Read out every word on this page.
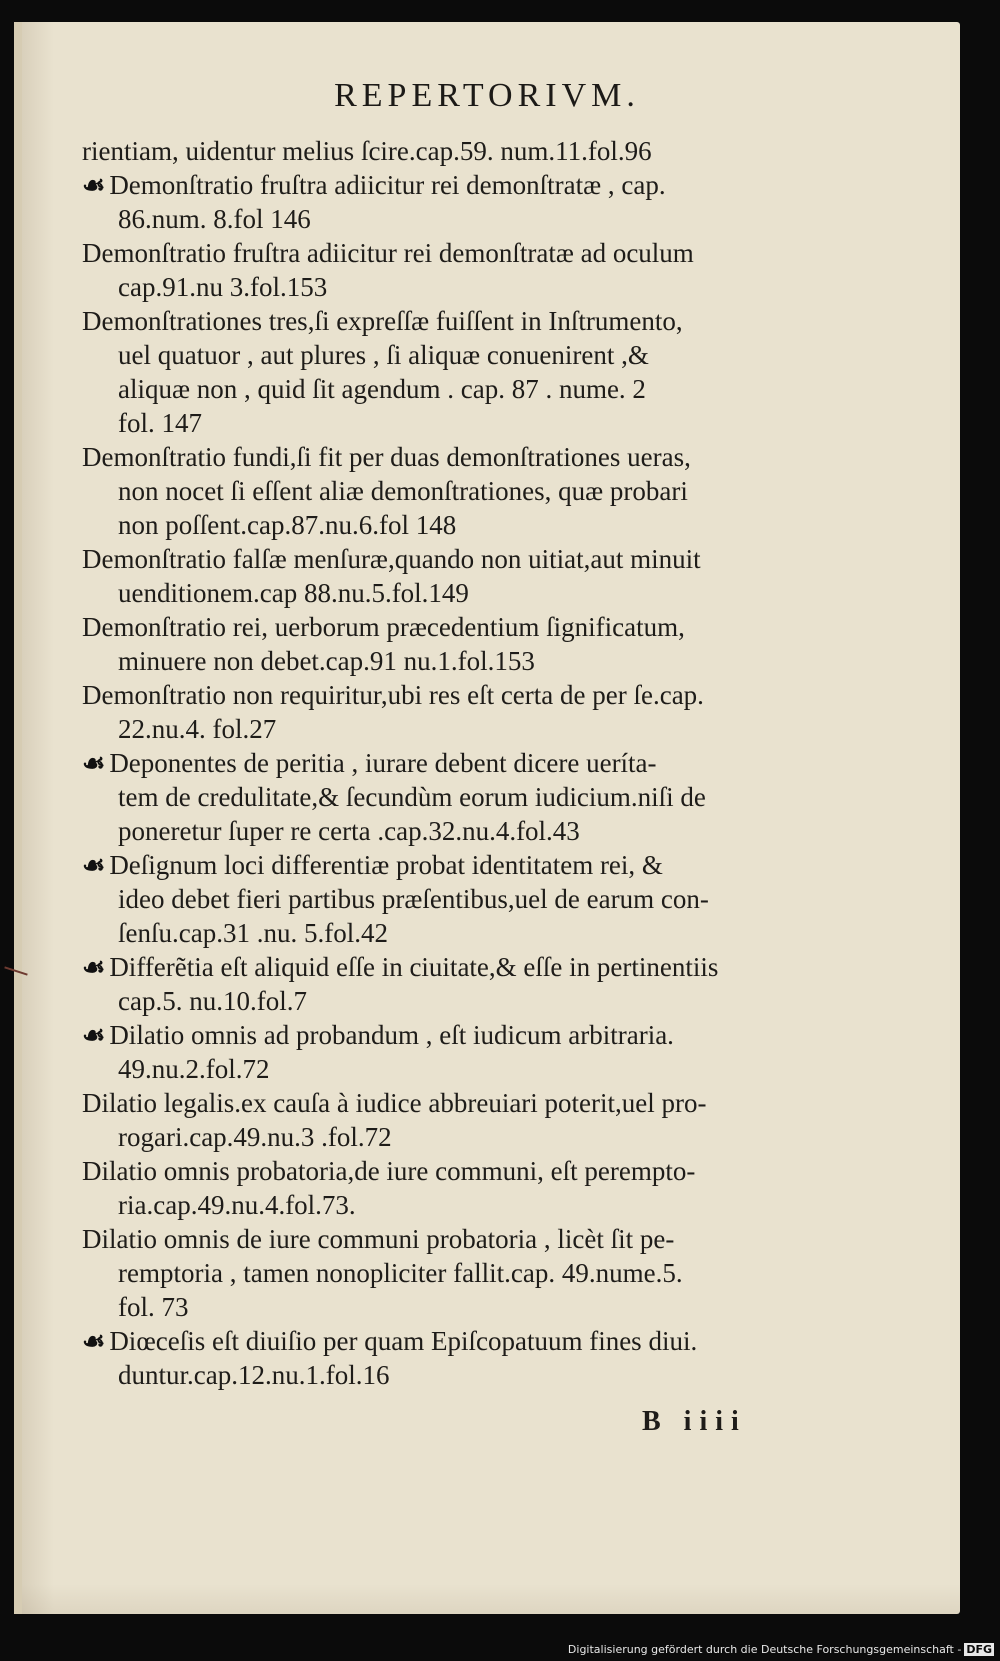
REPERTORIVM.
rientiam, uidentur melius ſcire.cap.59. num.11.fol.96
☙ Demonſtratio fruſtra adiicitur rei demonſtratæ , cap.
86.num. 8.fol 146
Demonſtratio fruſtra adiicitur rei demonſtratæ ad oculum
cap.91.nu 3.fol.153
Demonſtrationes tres,ſi expreſſæ fuiſſent in Inſtrumento,
uel quatuor , aut plures , ſi aliquæ conuenirent ,&
aliquæ non , quid ſit agendum . cap. 87 . nume. 2
fol. 147
Demonſtratio fundi,ſi fit per duas demonſtrationes ueras,
non nocet ſi eſſent aliæ demonſtrationes, quæ probari
non poſſent.cap.87.nu.6.fol 148
Demonſtratio falſæ menſuræ,quando non uitiat,aut minuit
uenditionem.cap 88.nu.5.fol.149
Demonſtratio rei, uerborum præcedentium ſignificatum,
minuere non debet.cap.91 nu.1.fol.153
Demonſtratio non requiritur,ubi res eſt certa de per ſe.cap.
22.nu.4. fol.27
☙ Deponentes de peritia , iurare debent dicere ueríta-
tem de credulitate,& ſecundùm eorum iudicium.niſi de
poneretur ſuper re certa .cap.32.nu.4.fol.43
☙ Deſignum loci differentiæ probat identitatem rei, &
ideo debet fieri partibus præſentibus,uel de earum con-
ſenſu.cap.31 .nu. 5.fol.42
☙ Differẽtia eſt aliquid eſſe in ciuitate,& eſſe in pertinentiis
cap.5. nu.10.fol.7
☙ Dilatio omnis ad probandum , eſt iudicum arbitraria.
49.nu.2.fol.72
Dilatio legalis.ex cauſa à iudice abbreuiari poterit,uel pro-
rogari.cap.49.nu.3 .fol.72
Dilatio omnis probatoria,de iure communi, eſt perempto-
ria.cap.49.nu.4.fol.73.
Dilatio omnis de iure communi probatoria , licèt ſit pe-
remptoria , tamen nonopliciter fallit.cap. 49.nume.5.
fol. 73
☙ Diœceſis eſt diuiſio per quam Epiſcopatuum fines diui.
duntur.cap.12.nu.1.fol.16
B iiii
Digitalisierung gefördert durch die Deutsche Forschungsgemeinschaft - DFG
